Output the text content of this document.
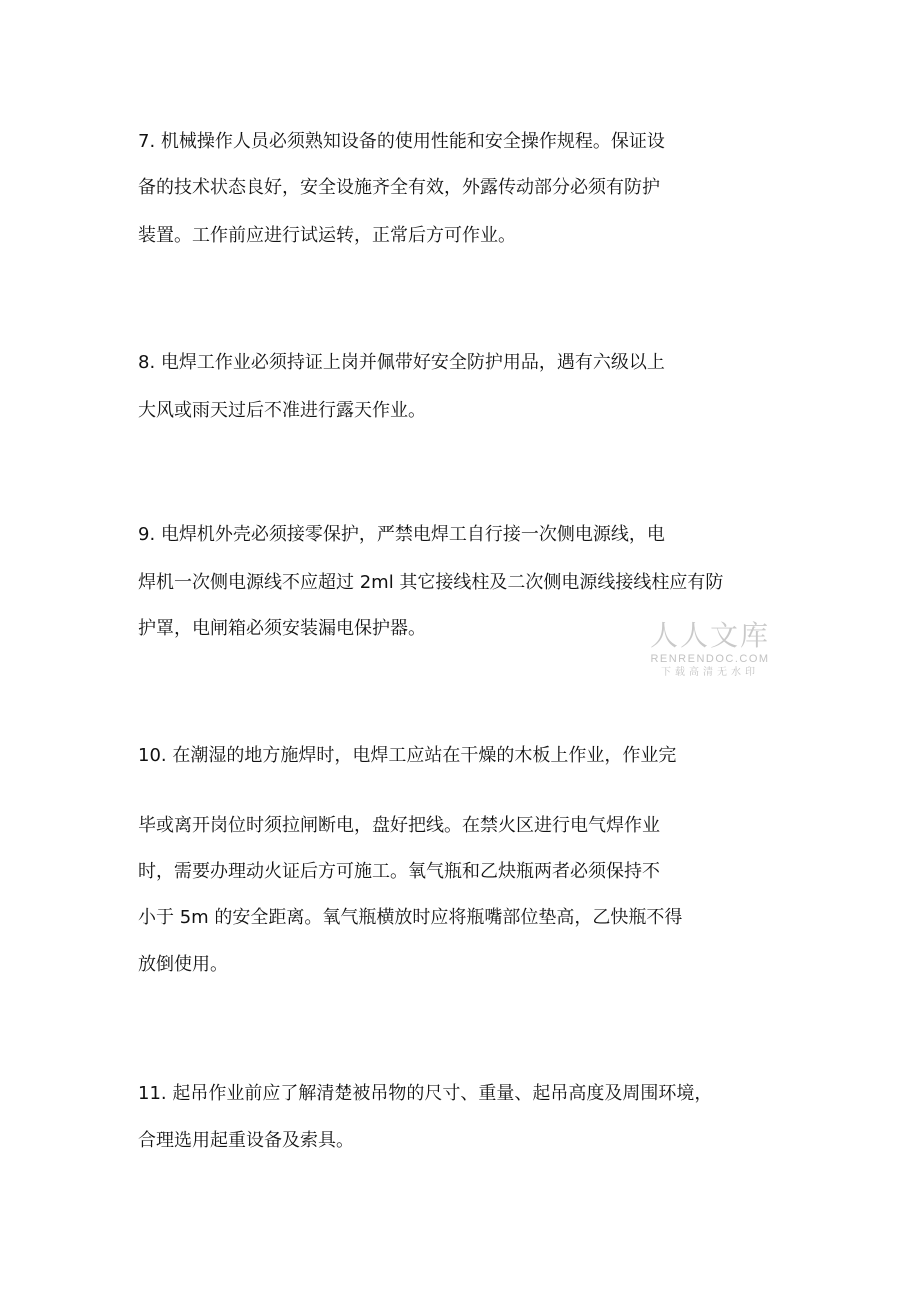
7. 机械操作人员必须熟知设备的使用性能和安全操作规程。保证设

备的技术状态良好，安全设施齐全有效，外露传动部分必须有防护

装置。工作前应进行试运转，正常后方可作业。

8. 电焊工作业必须持证上岗并佩带好安全防护用品，遇有六级以上

大风或雨天过后不准进行露天作业。

9. 电焊机外壳必须接零保护，严禁电焊工自行接一次侧电源线，电

焊机一次侧电源线不应超过 2ml 其它接线柱及二次侧电源线接线柱应有防

护罩，电闸箱必须安装漏电保护器。	人人文库
RENRENDOC.COM
下载高清无水印

10. 在潮湿的地方施焊时，电焊工应站在干燥的木板上作业，作业完

毕或离开岗位时须拉闸断电，盘好把线。在禁火区进行电气焊作业

时，需要办理动火证后方可施工。氧气瓶和乙炔瓶两者必须保持不

小于 5m 的安全距离。氧气瓶横放时应将瓶嘴部位垫高，乙快瓶不得

放倒使用。

11. 起吊作业前应了解清楚被吊物的尺寸、重量、起吊高度及周围环境，

合理选用起重设备及索具。
